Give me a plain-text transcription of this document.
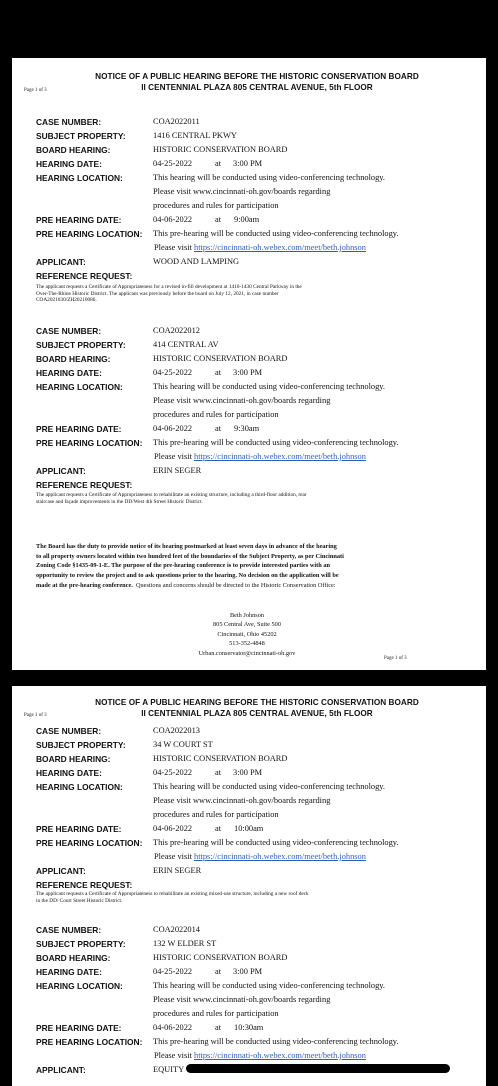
Page 1 of 3
NOTICE OF A PUBLIC HEARING BEFORE THE HISTORIC CONSERVATION BOARD
II CENTENNIAL PLAZA 805 CENTRAL AVENUE, 5th FLOOR
CASE NUMBER:	COA2022011
SUBJECT PROPERTY:	1416 CENTRAL PKWY
BOARD HEARING:	HISTORIC CONSERVATION BOARD
HEARING DATE:	04-25-2022	at 3:00 PM
HEARING LOCATION:	This hearing will be conducted using video-conferencing technology.
Please visit www.cincinnati-oh.gov/boards regarding
procedures and rules for participation
PRE HEARING DATE:	04-06-2022	at 9:00am
PRE HEARING LOCATION: This pre-hearing will be conducted using video-conferencing technology.
Please visit https://cincinnati-oh.webex.com/meet/beth.johnson
APPLICANT:	WOOD AND LAMPING
REFERENCE REQUEST:
The applicant requests a Certificate of Appropriateness for a revised in-fill development at 1416-1430 Central Parkway in the
Over-The-Rhine Historic District. The applicant was previously before the board on July 12, 2021, in case number
COA2021030/ZH20210086.
CASE NUMBER:	COA2022012
SUBJECT PROPERTY:	414 CENTRAL AV
BOARD HEARING:	HISTORIC CONSERVATION BOARD
HEARING DATE:	04-25-2022	at 3:00 PM
HEARING LOCATION:	This hearing will be conducted using video-conferencing technology.
Please visit www.cincinnati-oh.gov/boards regarding
procedures and rules for participation
PRE HEARING DATE:	04-06-2022	at 9:30am
PRE HEARING LOCATION: This pre-hearing will be conducted using video-conferencing technology.
Please visit https://cincinnati-oh.webex.com/meet/beth.johnson
APPLICANT:	ERIN SEGER
REFERENCE REQUEST:
The applicant requests a Certificate of Appropriateness to rehabilitate an existing structure, including a third-floor addition, rear
staircase and façade improvements in the DD/West 4th Street Historic District.
The Board has the duty to provide notice of its hearing postmarked at least seven days in advance of the hearing
to all property owners located within two hundred feet of the boundaries of the Subject Property, as per Cincinnati
Zoning Code §1435-09-1-E. The purpose of the pre-hearing conference is to provide interested parties with an
opportunity to review the project and to ask questions prior to the hearing. No decision on the application will be
made at the pre-hearing conference. Questions and concerns should be directed to the Historic Conservation Office:
Beth Johnson
805 Central Ave, Suite 500
Cincinnati, Ohio 45202
513-352-4848
Urban.conservator@cincinnati-oh.gov
Page 1 of 3
Page 1 of 3
NOTICE OF A PUBLIC HEARING BEFORE THE HISTORIC CONSERVATION BOARD
II CENTENNIAL PLAZA 805 CENTRAL AVENUE, 5th FLOOR
CASE NUMBER:	COA2022013
SUBJECT PROPERTY:	34 W COURT ST
BOARD HEARING:	HISTORIC CONSERVATION BOARD
HEARING DATE:	04-25-2022	at 3:00 PM
HEARING LOCATION:	This hearing will be conducted using video-conferencing technology.
Please visit www.cincinnati-oh.gov/boards regarding
procedures and rules for participation
PRE HEARING DATE:	04-06-2022	at 10:00am
PRE HEARING LOCATION: This pre-hearing will be conducted using video-conferencing technology.
Please visit https://cincinnati-oh.webex.com/meet/beth.johnson
APPLICANT:	ERIN SEGER
REFERENCE REQUEST:
The applicant requests a Certificate of Appropriateness to rehabilitate an existing mixed-use structure, including a new roof deck
in the DD/ Court Street Historic District.
CASE NUMBER:	COA2022014
SUBJECT PROPERTY:	132 W ELDER ST
BOARD HEARING:	HISTORIC CONSERVATION BOARD
HEARING DATE:	04-25-2022	at 3:00 PM
HEARING LOCATION:	This hearing will be conducted using video-conferencing technology.
Please visit www.cincinnati-oh.gov/boards regarding
procedures and rules for participation
PRE HEARING DATE:	04-06-2022	at 10:30am
PRE HEARING LOCATION: This pre-hearing will be conducted using video-conferencing technology.
Please visit https://cincinnati-oh.webex.com/meet/beth.johnson
APPLICANT:	EQUITY
